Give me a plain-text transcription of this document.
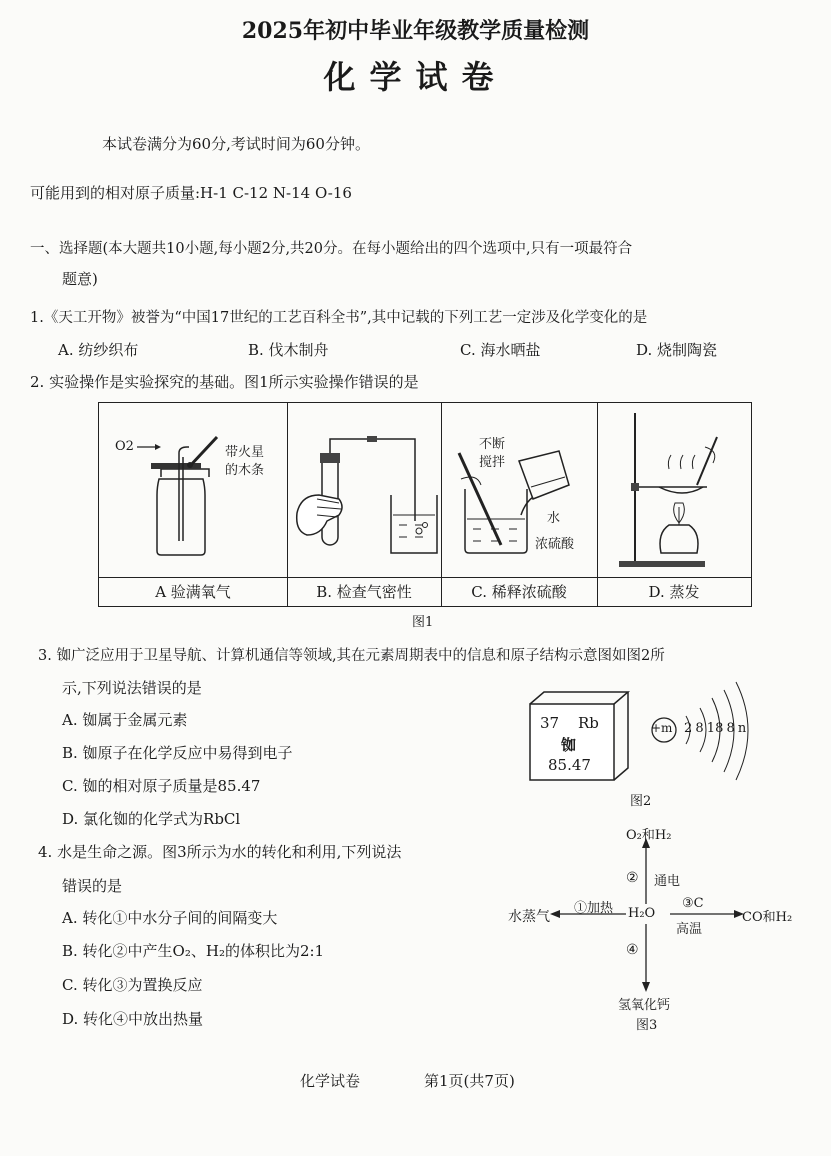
2025年初中毕业年级教学质量检测
化学试卷
本试卷满分为60分,考试时间为60分钟。
可能用到的相对原子质量:H-1 C-12 N-14 O-16
一、选择题(本大题共10小题,每小题2分,共20分。在每小题给出的四个选项中,只有一项最符合
题意)
1.《天工开物》被誉为“中国17世纪的工艺百科全书”,其中记载的下列工艺一定涉及化学变化的是
A. 纺纱织布	B. 伐木制舟	C. 海水晒盐	D. 烧制陶瓷
2. 实验操作是实验探究的基础。图1所示实验操作错误的是
O2	带火星
的木条
不断
搅拌
水
浓硫酸
A 验满氧气	B. 检查气密性	C. 稀释浓硫酸	D. 蒸发
图1
3. 铷广泛应用于卫星导航、计算机通信等领域,其在元素周期表中的信息和原子结构示意图如图2所
示,下列说法错误的是
A. 铷属于金属元素
B. 铷原子在化学反应中易得到电子
C. 铷的相对原子质量是85.47
D. 氯化铷的化学式为RbCl
37 Rb
铷
85.47
+m 2 8 18 8 n
图2
4. 水是生命之源。图3所示为水的转化和利用,下列说法
错误的是
A. 转化①中水分子间的间隔变大
B. 转化②中产生O₂、H₂的体积比为2:1
C. 转化③为置换反应
D. 转化④中放出热量
O₂和H₂
② 通电
水蒸气
①加热 H₂O
③C
高温
CO和H₂
④
氢氧化钙
图3
化学试卷	第1页(共7页)
